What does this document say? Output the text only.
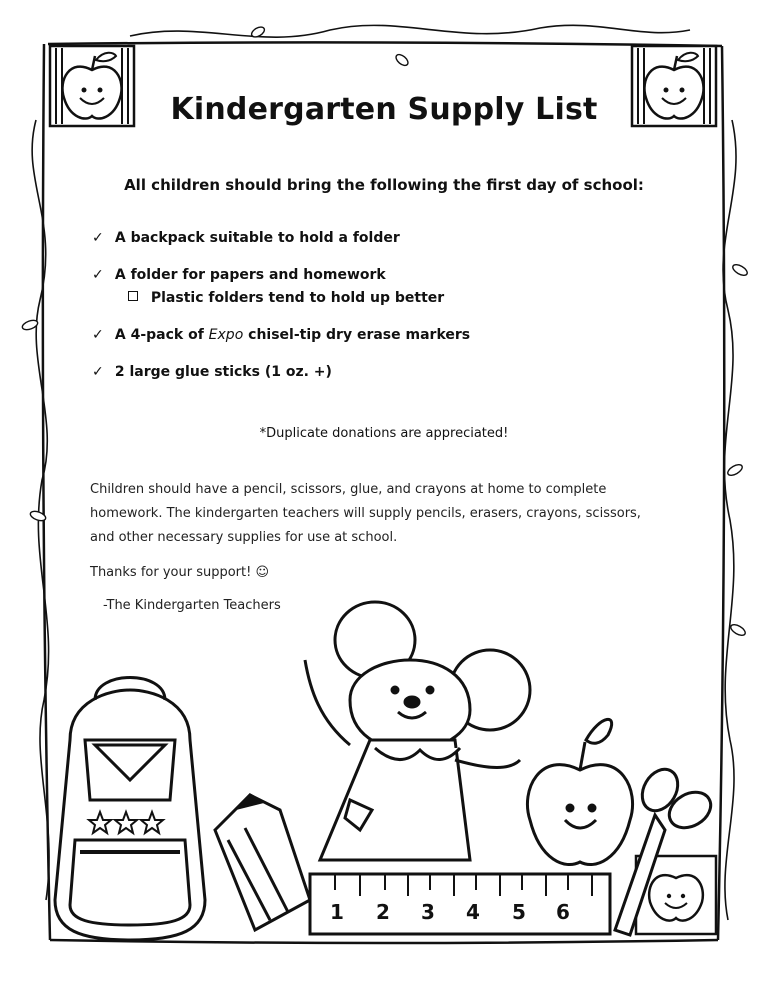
Kindergarten Supply List
All children should bring the following the first day of school:
✓ A backpack suitable to hold a folder
✓ A folder for papers and homework
Plastic folders tend to hold up better
✓ A 4-pack of Expo chisel-tip dry erase markers
✓ 2 large glue sticks (1 oz. +)
*Duplicate donations are appreciated!
Children should have a pencil, scissors, glue, and crayons at home to complete homework. The kindergarten teachers will supply pencils, erasers, crayons, scissors, and other necessary supplies for use at school.
Thanks for your support! ☺
-The Kindergarten Teachers
1 2 3 4 5 6
